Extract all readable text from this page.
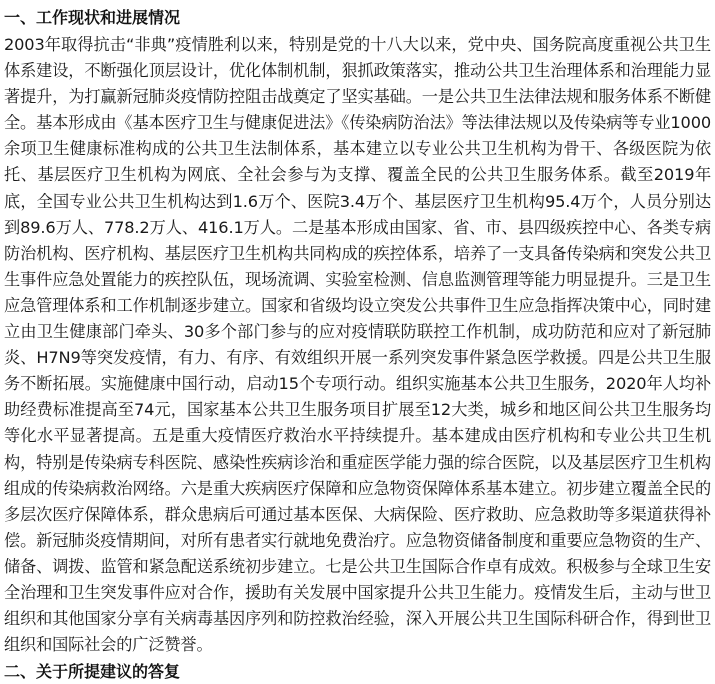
一、工作现状和进展情况

2003年取得抗击“非典”疫情胜利以来，特别是党的十八大以来，党中央、国务院高度重视公共卫生体系建设，不断强化顶层设计，优化体制机制，狠抓政策落实，推动公共卫生治理体系和治理能力显著提升，为打赢新冠肺炎疫情防控阻击战奠定了坚实基础。一是公共卫生法律法规和服务体系不断健全。基本形成由《基本医疗卫生与健康促进法》《传染病防治法》等法律法规以及传染病等专业1000余项卫生健康标准构成的公共卫生法制体系，基本建立以专业公共卫生机构为骨干、各级医院为依托、基层医疗卫生机构为网底、全社会参与为支撑、覆盖全民的公共卫生服务体系。截至2019年底，全国专业公共卫生机构达到1.6万个、医院3.4万个、基层医疗卫生机构95.4万个，人员分别达到89.6万人、778.2万人、416.1万人。二是基本形成由国家、省、市、县四级疾控中心、各类专病防治机构、医疗机构、基层医疗卫生机构共同构成的疾控体系，培养了一支具备传染病和突发公共卫生事件应急处置能力的疾控队伍，现场流调、实验室检测、信息监测管理等能力明显提升。三是卫生应急管理体系和工作机制逐步建立。国家和省级均设立突发公共事件卫生应急指挥决策中心，同时建立由卫生健康部门牵头、30多个部门参与的应对疫情联防联控工作机制，成功防范和应对了新冠肺炎、H7N9等突发疫情，有力、有序、有效组织开展一系列突发事件紧急医学救援。四是公共卫生服务不断拓展。实施健康中国行动，启动15个专项行动。组织实施基本公共卫生服务，2020年人均补助经费标准提高至74元，国家基本公共卫生服务项目扩展至12大类，城乡和地区间公共卫生服务均等化水平显著提高。五是重大疫情医疗救治水平持续提升。基本建成由医疗机构和专业公共卫生机构，特别是传染病专科医院、感染性疾病诊治和重症医学能力强的综合医院，以及基层医疗卫生机构组成的传染病救治网络。六是重大疾病医疗保障和应急物资保障体系基本建立。初步建立覆盖全民的多层次医疗保障体系，群众患病后可通过基本医保、大病保险、医疗救助、应急救助等多渠道获得补偿。新冠肺炎疫情期间，对所有患者实行就地免费治疗。应急物资储备制度和重要应急物资的生产、储备、调拨、监管和紧急配送系统初步建立。七是公共卫生国际合作卓有成效。积极参与全球卫生安全治理和卫生突发事件应对合作，援助有关发展中国家提升公共卫生能力。疫情发生后，主动与世卫组织和其他国家分享有关病毒基因序列和防控救治经验，深入开展公共卫生国际科研合作，得到世卫组织和国际社会的广泛赞誉。

二、关于所提建议的答复
